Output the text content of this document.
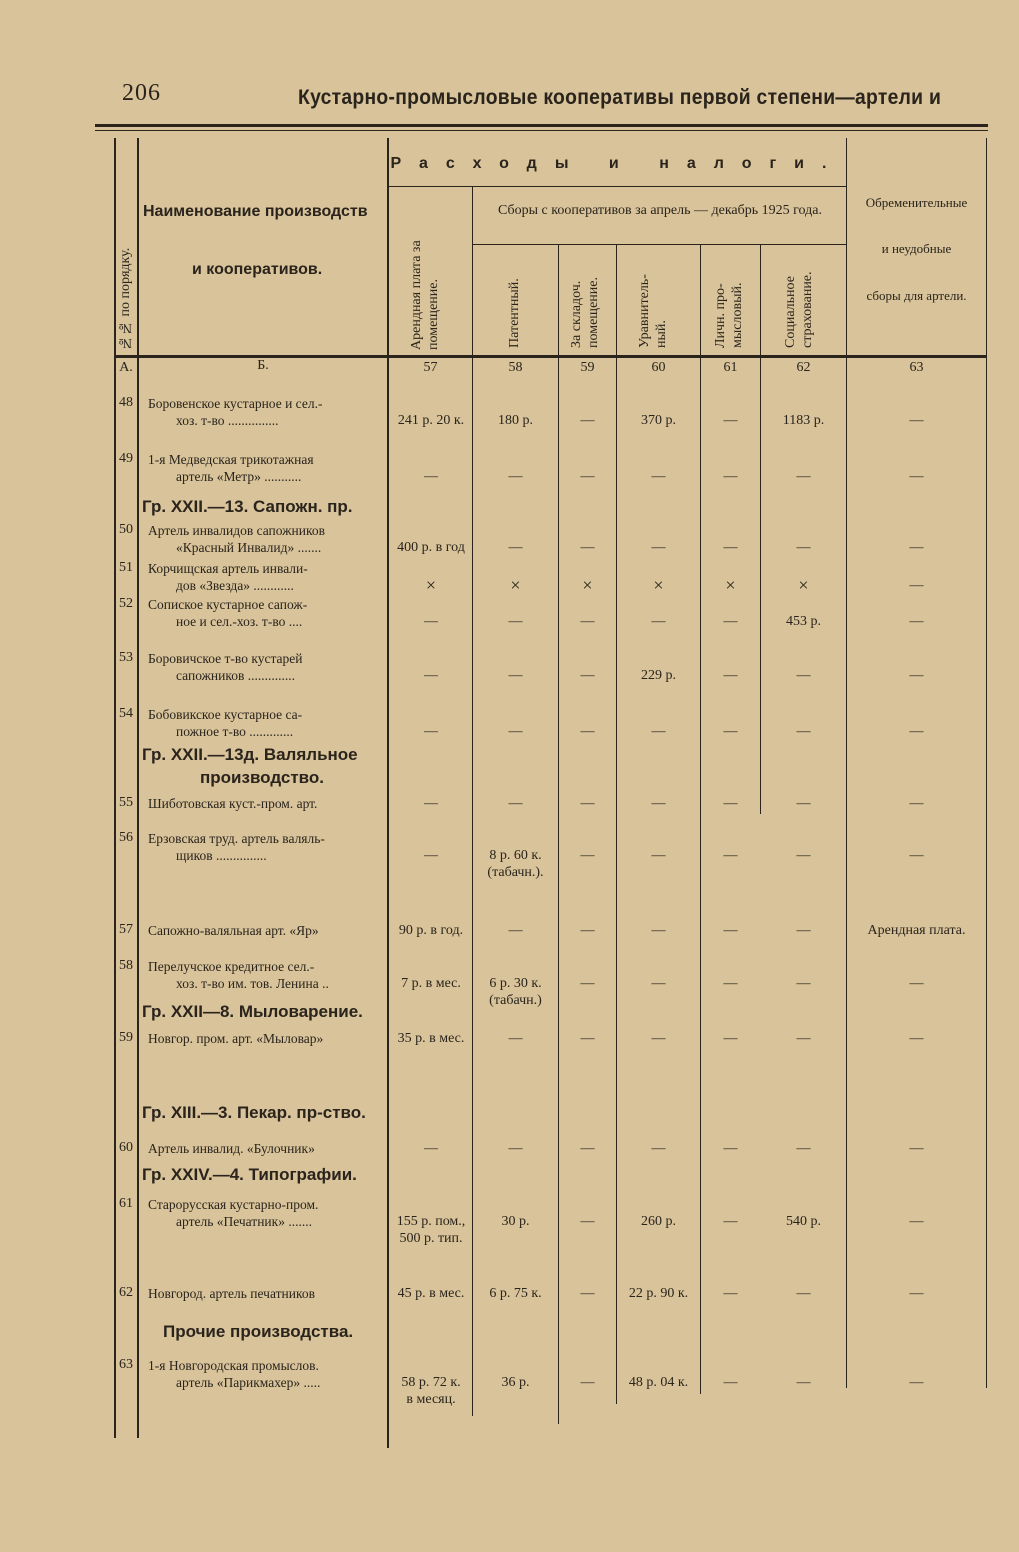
206	Кустарно-промысловые кооперативы первой степени—артели и
№№ по порядку.
Наименование производств
и кооперативов.
Расходы и налоги.
Арендная плата за помещение.
Сборы с кооперативов за апрель — декабрь 1925 года.
Патентный.	За складоч. помещение.	Уравнитель-ный.	Личн. про-мысловый.	Социальное страхование.
Обременительные
и неудобные
сборы для артели.
А.	Б.	57	58	59	60	61	62	63
Гр. XXII.—13. Сапожн. пр.
Гр. XXII.—13д. Валяльное
производство.
Гр. XXII—8. Мыловарение.
Гр. XIII.—3. Пекар. пр-ство.
Гр. XXIV.—4. Типографии.
Прочие производства.
48 Боровенское кустарное и сел.-
хоз. т-во ...............	241 р. 20 к.	180 р.	—	370 р.	—	1183 р.	—
49 1-я Медведская трикотажная
артель «Метр» ...........	—	—	—	—	—	—	—
50 Артель инвалидов сапожников
«Красный Инвалид» .......	400 р. в год	—	—	—	—	—	—
51 Корчищская артель инвали-
дов «Звезда» ............	×	×	×	×	×	×	—
52 Сопиское кустарное сапож-
ное и сел.-хоз. т-во ....	—	—	—	—	—	453 р.	—
53 Боровичское т-во кустарей
сапожников ..............	—	—	—	229 р.	—	—	—
54 Бобовикское кустарное са-
пожное т-во .............	—	—	—	—	—	—	—
55 Шиботовская куст.-пром. арт.	—	—	—	—	—	—	—
56 Ерзовская труд. артель валяль-
щиков ...............	—	8 р. 60 к.
(табачн.).
—	—	—	—	—
57 Сапожно-валяльная арт. «Яр»	90 р. в год.	—	—	—	—	—	Арендная плата.
58 Перелучское кредитное сел.-
хоз. т-во им. тов. Ленина ..	7 р. в мес.	6 р. 30 к.
(табачн.)
—	—	—	—	—
59 Новгор. пром. арт. «Мыловар»	35 р. в мес.	—	—	—	—	—	—
60 Артель инвалид. «Булочник»	—	—	—	—	—	—	—
61 Старорусская кустарно-пром.
артель «Печатник» .......	155 р. пом.,
500 р. тип.
30 р.	—	260 р.	—	540 р.	—
62 Новгород. артель печатников	45 р. в мес.	6 р. 75 к.	—	22 р. 90 к.	—	—	—
63 1-я Новгородская промыслов.
артель «Парикмахер» .....	58 р. 72 к.
в месяц.
36 р.	—	48 р. 04 к.	—	—	—
